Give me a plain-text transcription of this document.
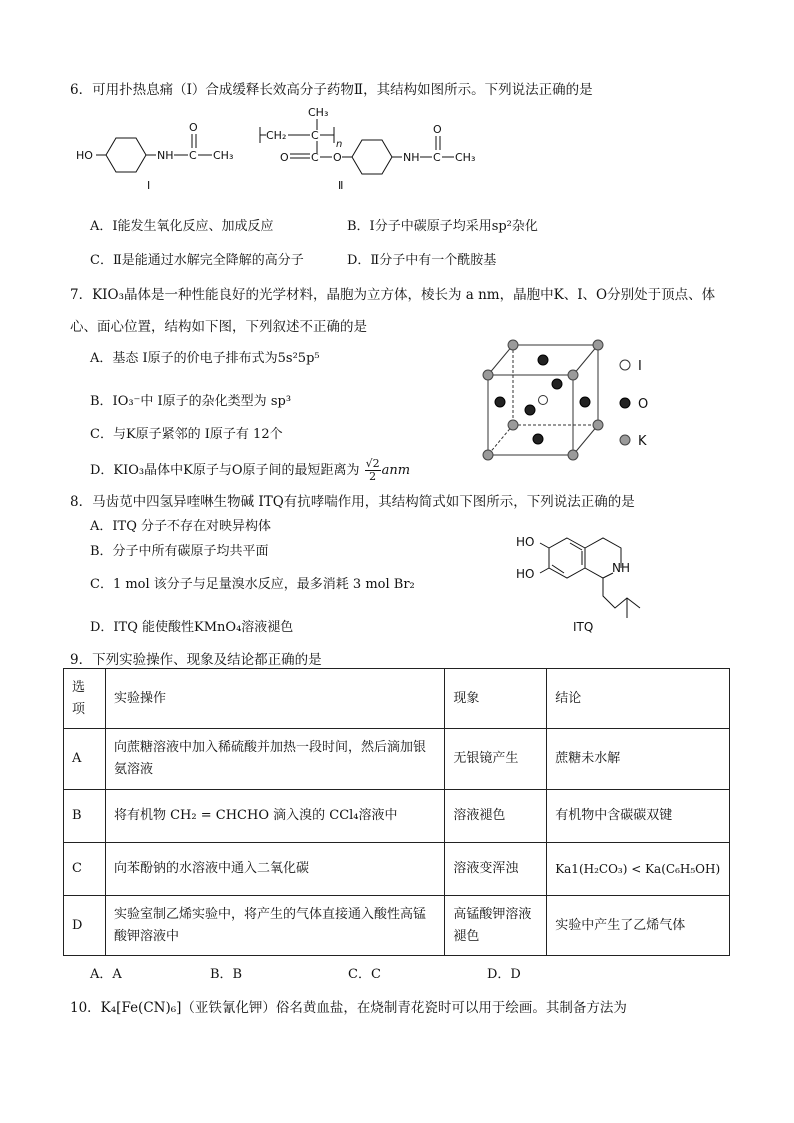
6．可用扑热息痛（Ⅰ）合成缓释长效高分子药物Ⅱ，其结构如图所示。下列说法正确的是
HO	NH C
O
CH₃
Ⅰ
CH₃
CH₂ C
n
O C O	NH C
O
CH₃
Ⅱ
A．Ⅰ能发生氧化反应、加成反应	B．Ⅰ分子中碳原子均采用sp²杂化
C．Ⅱ是能通过水解完全降解的高分子	D．Ⅱ分子中有一个酰胺基
7．KIO₃晶体是一种性能良好的光学材料，晶胞为立方体，棱长为 a nm，晶胞中K、I、O分别处于顶点、体
心、面心位置，结构如下图，下列叙述不正确的是
A．基态 I原子的价电子排布式为5s²5p⁵
B．IO₃⁻中 I原子的杂化类型为 sp³
C．与K原子紧邻的 I原子有 12个
D．KIO₃晶体中K原子与O原子间的最短距离为 $\frac{√2}{2}$ anm
I
O
K
8．马齿苋中四氢异喹啉生物碱 ITQ有抗哮喘作用，其结构简式如下图所示，下列说法正确的是
A．ITQ 分子不存在对映异构体
B．分子中所有碳原子均共平面
C．1 mol 该分子与足量溴水反应，最多消耗 3 mol Br₂
D．ITQ 能使酸性KMnO₄溶液褪色
HO
HO	NH
ITQ
9．下列实验操作、现象及结论都正确的是
选项	实验操作	现象	结论
A	向蔗糖溶液中加入稀硫酸并加热一段时间，然后滴加银氨溶液	无银镜产生	蔗糖未水解
B	将有机物 CH₂ = CHCHO 滴入溴的 CCl₄溶液中	溶液褪色	有机物中含碳碳双键
C	向苯酚钠的水溶液中通入二氧化碳	溶液变浑浊	Ka1(H₂CO₃) < Ka(C₆H₅OH)
D	实验室制乙烯实验中，将产生的气体直接通入酸性高锰酸钾溶液中	高锰酸钾溶液褪色	实验中产生了乙烯气体
A．A	B．B	C．C	D．D
10．K₄[Fe(CN)₆]（亚铁氰化钾）俗名黄血盐，在烧制青花瓷时可以用于绘画。其制备方法为
